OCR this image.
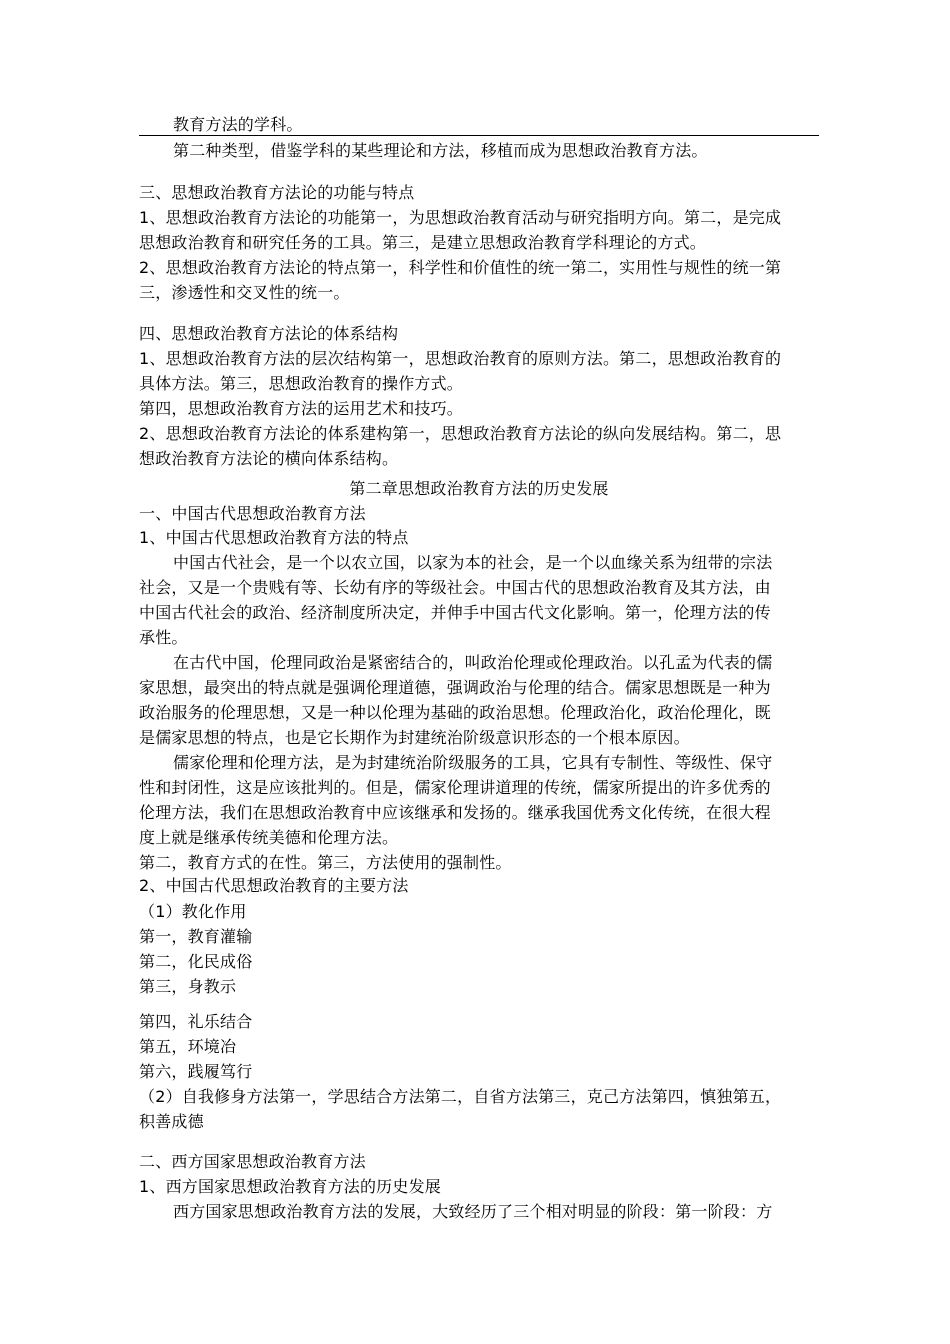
教育方法的学科。
第二种类型，借鉴学科的某些理论和方法，移植而成为思想政治教育方法。
三、思想政治教育方法论的功能与特点
1、思想政治教育方法论的功能第一，为思想政治教育活动与研究指明方向。第二，是完成
思想政治教育和研究任务的工具。第三，是建立思想政治教育学科理论的方式。
2、思想政治教育方法论的特点第一，科学性和价值性的统一第二，实用性与规性的统一第
三，渗透性和交叉性的统一。
四、思想政治教育方法论的体系结构
1、思想政治教育方法的层次结构第一，思想政治教育的原则方法。第二，思想政治教育的
具体方法。第三，思想政治教育的操作方式。
第四，思想政治教育方法的运用艺术和技巧。
2、思想政治教育方法论的体系建构第一，思想政治教育方法论的纵向发展结构。第二，思
想政治教育方法论的横向体系结构。
第二章思想政治教育方法的历史发展
一、中国古代思想政治教育方法
1、中国古代思想政治教育方法的特点
中国古代社会，是一个以农立国，以家为本的社会，是一个以血缘关系为纽带的宗法
社会，又是一个贵贱有等、长幼有序的等级社会。中国古代的思想政治教育及其方法，由
中国古代社会的政治、经济制度所决定，并伸手中国古代文化影响。第一，伦理方法的传
承性。
在古代中国，伦理同政治是紧密结合的，叫政治伦理或伦理政治。以孔孟为代表的儒
家思想，最突出的特点就是强调伦理道德，强调政治与伦理的结合。儒家思想既是一种为
政治服务的伦理思想，又是一种以伦理为基础的政治思想。伦理政治化，政治伦理化，既
是儒家思想的特点，也是它长期作为封建统治阶级意识形态的一个根本原因。
儒家伦理和伦理方法，是为封建统治阶级服务的工具，它具有专制性、等级性、保守
性和封闭性，这是应该批判的。但是，儒家伦理讲道理的传统，儒家所提出的许多优秀的
伦理方法，我们在思想政治教育中应该继承和发扬的。继承我国优秀文化传统，在很大程
度上就是继承传统美德和伦理方法。
第二，教育方式的在性。第三，方法使用的强制性。
2、中国古代思想政治教育的主要方法
（1）教化作用
第一，教育灌输
第二，化民成俗
第三，身教示
第四，礼乐结合
第五，环境冶
第六，践履笃行
（2）自我修身方法第一，学思结合方法第二，自省方法第三，克己方法第四，慎独第五，
积善成德
二、西方国家思想政治教育方法
1、西方国家思想政治教育方法的历史发展
西方国家思想政治教育方法的发展，大致经历了三个相对明显的阶段：第一阶段：方
